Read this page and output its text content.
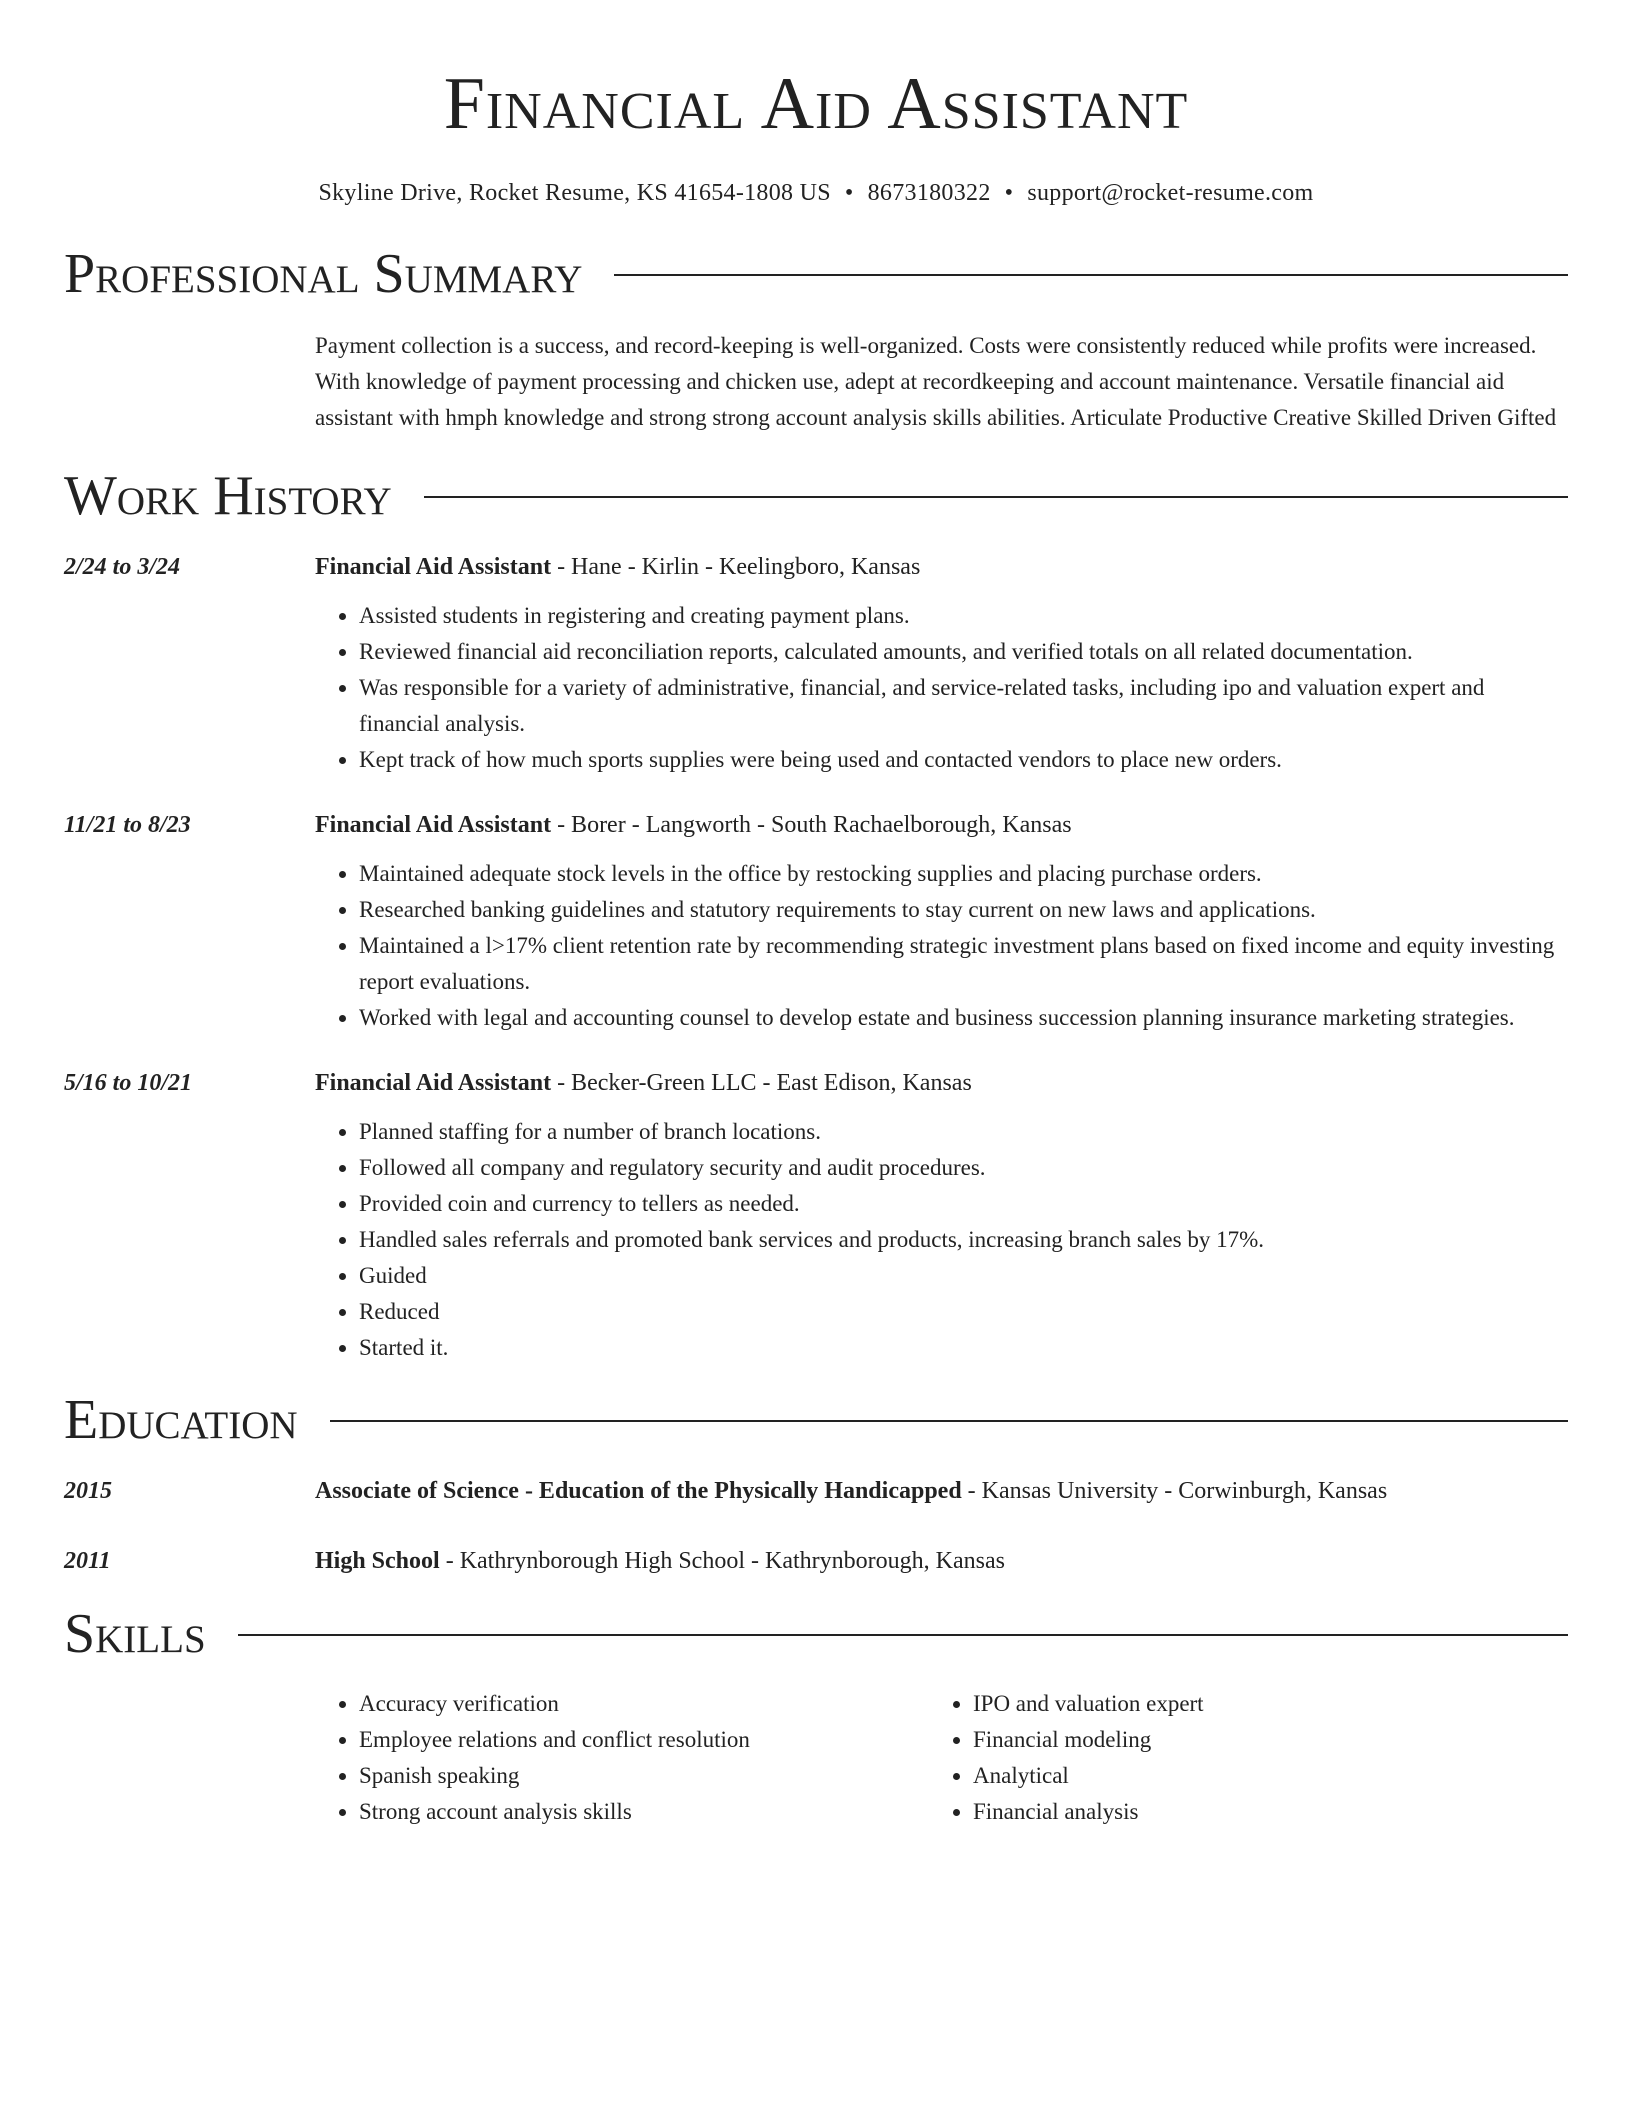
Financial Aid Assistant
Skyline Drive, Rocket Resume, KS 41654-1808 US • 8673180322 • support@rocket-resume.com
Professional Summary
Payment collection is a success, and record-keeping is well-organized. Costs were consistently reduced while profits were increased. With knowledge of payment processing and chicken use, adept at recordkeeping and account maintenance. Versatile financial aid assistant with hmph knowledge and strong strong account analysis skills abilities. Articulate Productive Creative Skilled Driven Gifted
Work History
2/24 to 3/24	Financial Aid Assistant - Hane - Kirlin - Keelingboro, Kansas
• Assisted students in registering and creating payment plans.
• Reviewed financial aid reconciliation reports, calculated amounts, and verified totals on all related documentation.
• Was responsible for a variety of administrative, financial, and service-related tasks, including ipo and valuation expert and financial analysis.
• Kept track of how much sports supplies were being used and contacted vendors to place new orders.
11/21 to 8/23	Financial Aid Assistant - Borer - Langworth - South Rachaelborough, Kansas
• Maintained adequate stock levels in the office by restocking supplies and placing purchase orders.
• Researched banking guidelines and statutory requirements to stay current on new laws and applications.
• Maintained a l>17% client retention rate by recommending strategic investment plans based on fixed income and equity investing report evaluations.
• Worked with legal and accounting counsel to develop estate and business succession planning insurance marketing strategies.
5/16 to 10/21	Financial Aid Assistant - Becker-Green LLC - East Edison, Kansas
• Planned staffing for a number of branch locations.
• Followed all company and regulatory security and audit procedures.
• Provided coin and currency to tellers as needed.
• Handled sales referrals and promoted bank services and products, increasing branch sales by 17%.
• Guided
• Reduced
• Started it.
Education
2015	Associate of Science - Education of the Physically Handicapped - Kansas University - Corwinburgh, Kansas
2011	High School - Kathrynborough High School - Kathrynborough, Kansas
Skills
• Accuracy verification
• Employee relations and conflict resolution
• Spanish speaking
• Strong account analysis skills
• IPO and valuation expert
• Financial modeling
• Analytical
• Financial analysis
